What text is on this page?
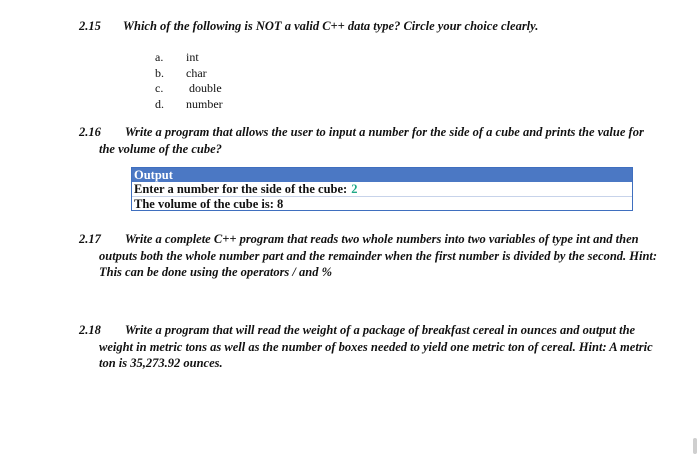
2.15 Which of the following is NOT a valid C++ data type? Circle your choice clearly.
a.	int
b.	char
c.	double
d.	number
2.16 Write a program that allows the user to input a number for the side of a cube and prints the value for the volume of the cube?
Output
Enter a number for the side of the cube: 2
The volume of the cube is: 8
2.17 Write a complete C++ program that reads two whole numbers into two variables of type int and then outputs both the whole number part and the remainder when the first number is divided by the second. Hint: This can be done using the operators / and %
2.18 Write a program that will read the weight of a package of breakfast cereal in ounces and output the weight in metric tons as well as the number of boxes needed to yield one metric ton of cereal. Hint: A metric ton is 35,273.92 ounces.
